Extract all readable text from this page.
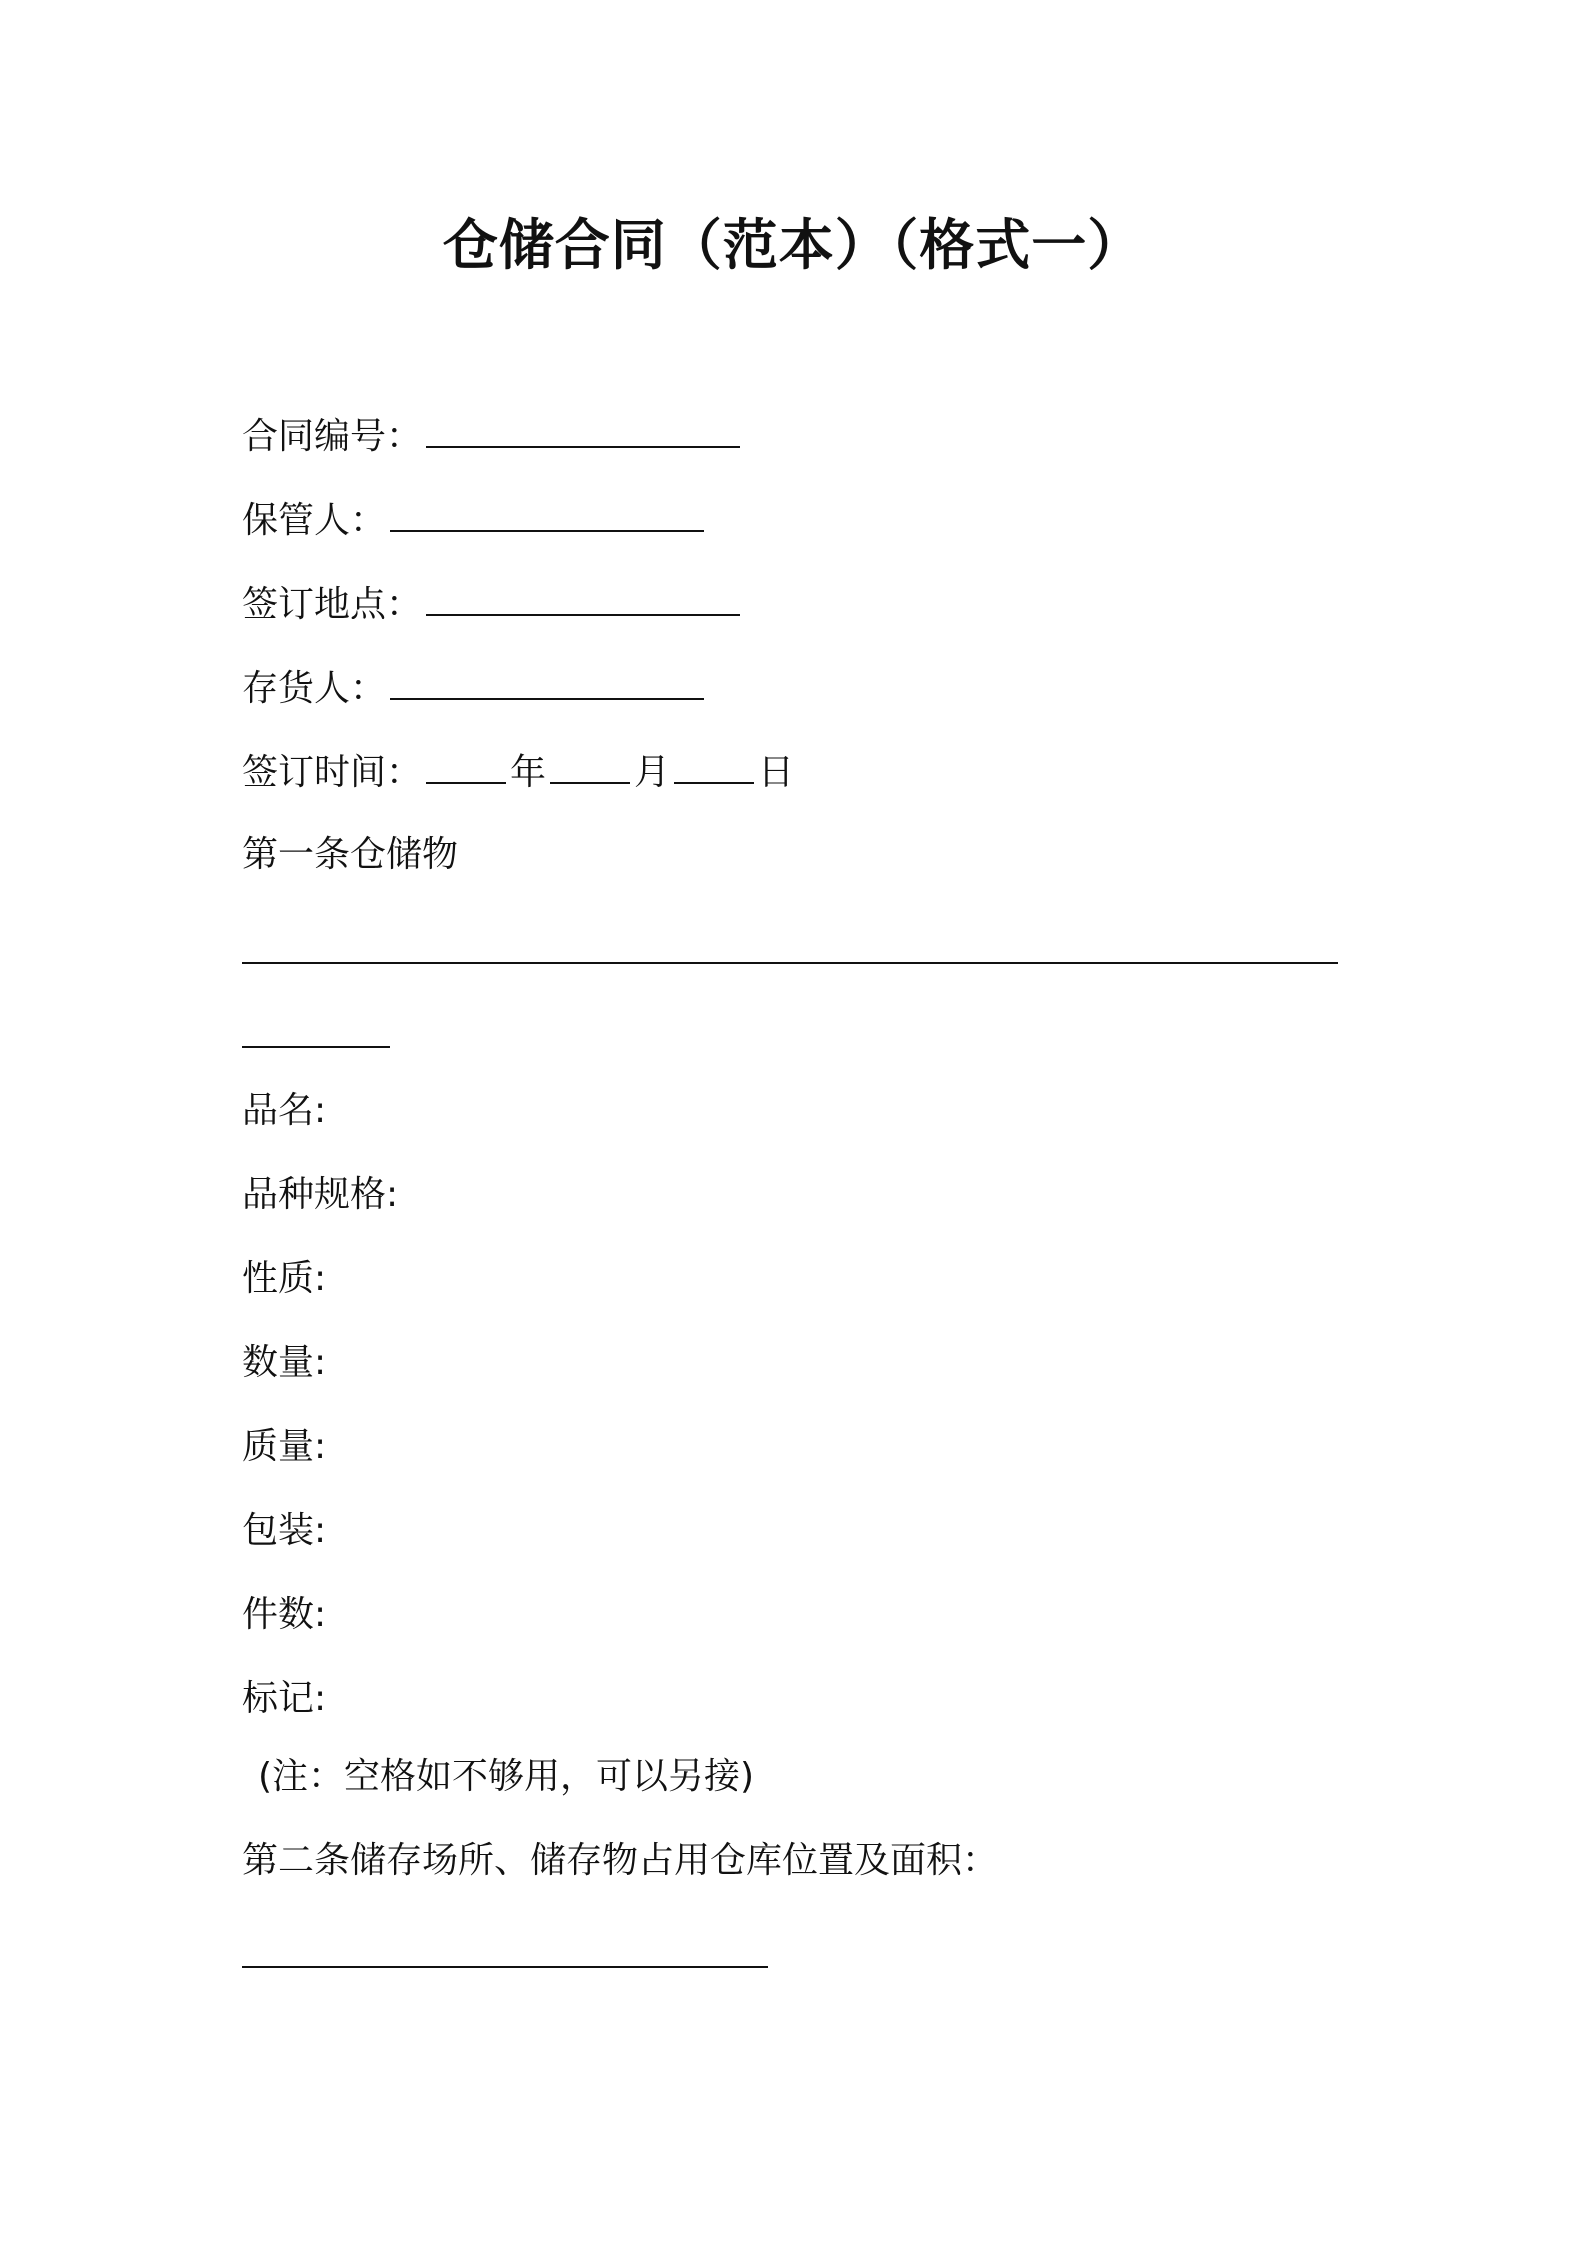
仓储合同（范本）（格式一）

合同编号：

保管人：

签订地点：

存货人：

签订时间： 年 月 日

第一条仓储物

品名:

品种规格:

性质:

数量:

质量:

包装:

件数:

标记:

(注：空格如不够用，可以另接)

第二条储存场所、储存物占用仓库位置及面积：
